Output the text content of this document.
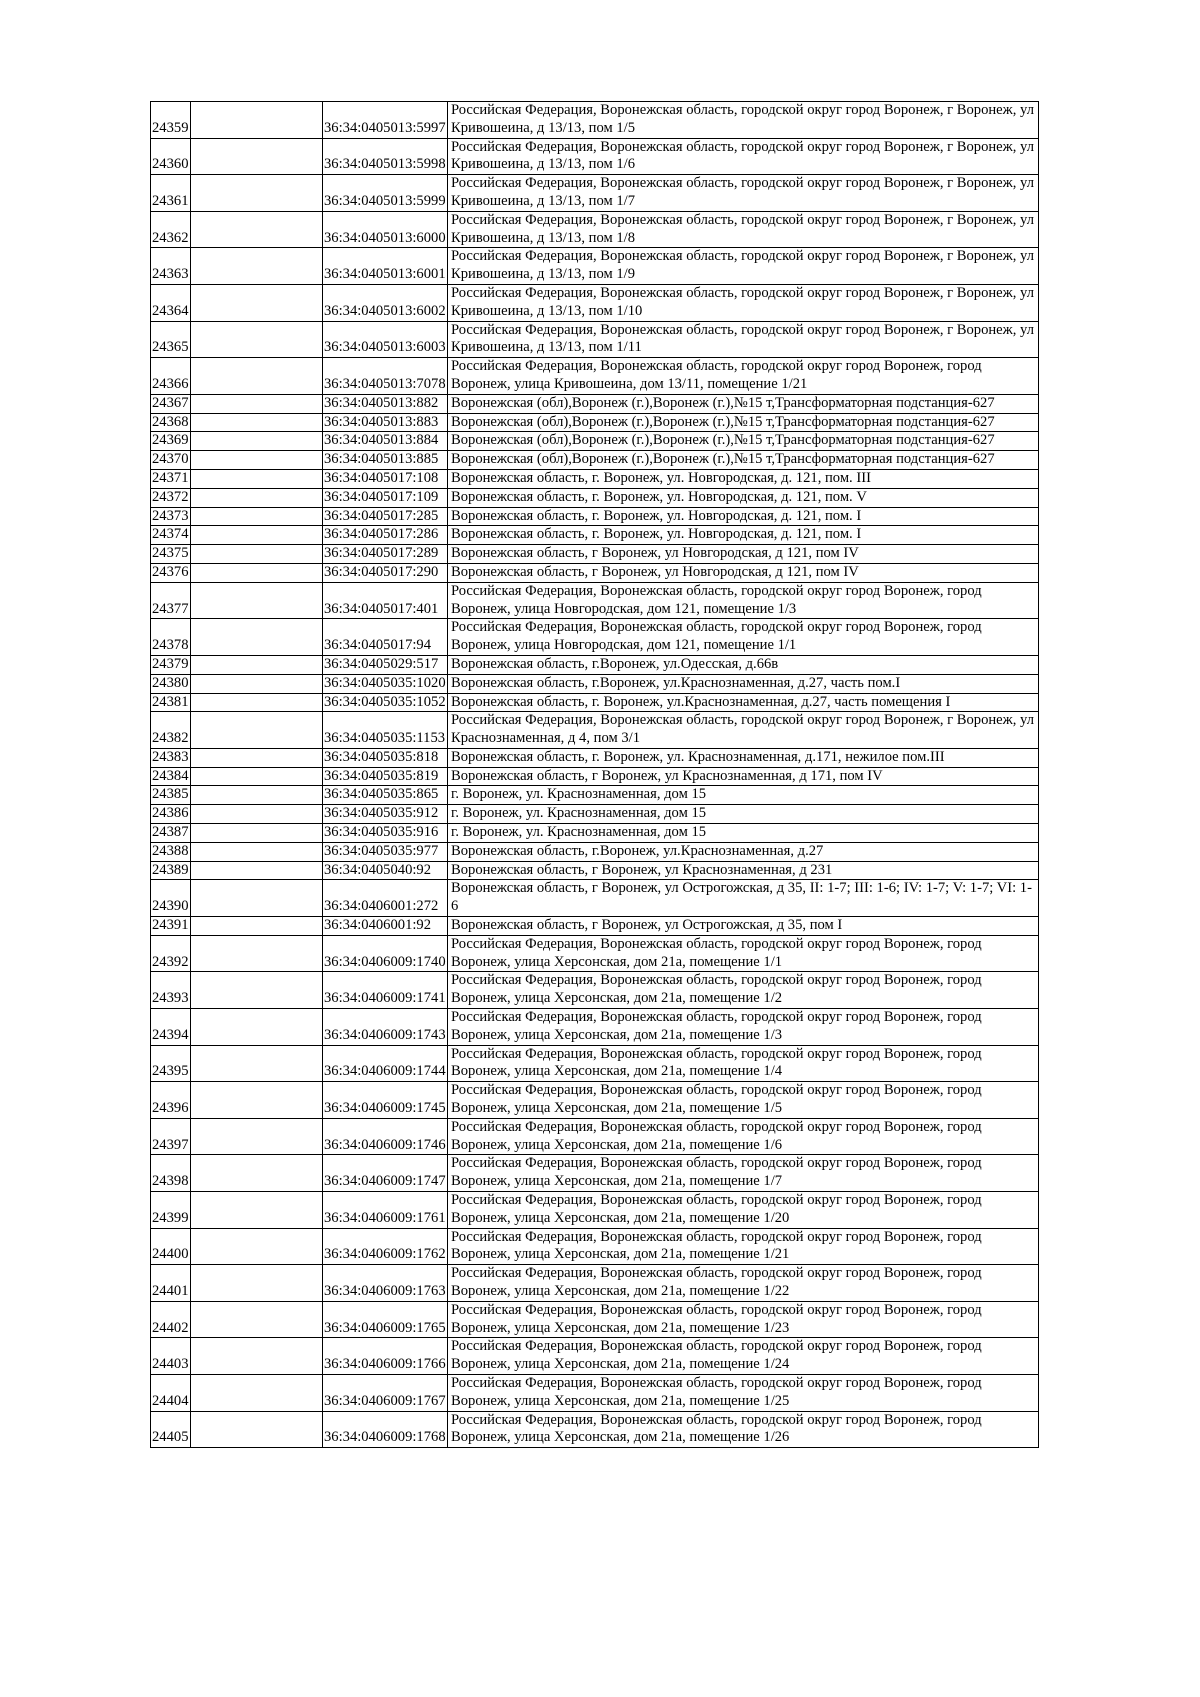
24359		36:34:0405013:5997	Российская Федерация, Воронежская область, городской округ город Воронеж, г Воронеж, ул Кривошеина, д 13/13, пом 1/5
24360		36:34:0405013:5998	Российская Федерация, Воронежская область, городской округ город Воронеж, г Воронеж, ул Кривошеина, д 13/13, пом 1/6
24361		36:34:0405013:5999	Российская Федерация, Воронежская область, городской округ город Воронеж, г Воронеж, ул Кривошеина, д 13/13, пом 1/7
24362		36:34:0405013:6000	Российская Федерация, Воронежская область, городской округ город Воронеж, г Воронеж, ул Кривошеина, д 13/13, пом 1/8
24363		36:34:0405013:6001	Российская Федерация, Воронежская область, городской округ город Воронеж, г Воронеж, ул Кривошеина, д 13/13, пом 1/9
24364		36:34:0405013:6002	Российская Федерация, Воронежская область, городской округ город Воронеж, г Воронеж, ул Кривошеина, д 13/13, пом 1/10
24365		36:34:0405013:6003	Российская Федерация, Воронежская область, городской округ город Воронеж, г Воронеж, ул Кривошеина, д 13/13, пом 1/11
24366		36:34:0405013:7078	Российская Федерация, Воронежская область, городской округ город Воронеж, город Воронеж, улица Кривошеина, дом 13/11, помещение 1/21
24367		36:34:0405013:882	Воронежская (обл),Воронеж (г.),Воронеж (г.),№15 т,Трансформаторная подстанция-627
24368		36:34:0405013:883	Воронежская (обл),Воронеж (г.),Воронеж (г.),№15 т,Трансформаторная подстанция-627
24369		36:34:0405013:884	Воронежская (обл),Воронеж (г.),Воронеж (г.),№15 т,Трансформаторная подстанция-627
24370		36:34:0405013:885	Воронежская (обл),Воронеж (г.),Воронеж (г.),№15 т,Трансформаторная подстанция-627
24371		36:34:0405017:108	Воронежская область, г. Воронеж, ул. Новгородская, д. 121, пом. III
24372		36:34:0405017:109	Воронежская область, г. Воронеж, ул. Новгородская, д. 121, пом. V
24373		36:34:0405017:285	Воронежская область, г. Воронеж, ул. Новгородская, д. 121, пом. I
24374		36:34:0405017:286	Воронежская область, г. Воронеж, ул. Новгородская, д. 121, пом. I
24375		36:34:0405017:289	Воронежская область, г Воронеж, ул Новгородская, д 121, пом IV
24376		36:34:0405017:290	Воронежская область, г Воронеж, ул Новгородская, д 121, пом IV
24377		36:34:0405017:401	Российская Федерация, Воронежская область, городской округ город Воронеж, город Воронеж, улица Новгородская, дом 121, помещение 1/3
24378		36:34:0405017:94	Российская Федерация, Воронежская область, городской округ город Воронеж, город Воронеж, улица Новгородская, дом 121, помещение 1/1
24379		36:34:0405029:517	Воронежская область, г.Воронеж, ул.Одесская, д.66в
24380		36:34:0405035:1020	Воронежская область, г.Воронеж, ул.Краснознаменная, д.27, часть пом.I
24381		36:34:0405035:1052	Воронежская область, г. Воронеж, ул.Краснознаменная, д.27, часть помещения I
24382		36:34:0405035:1153	Российская Федерация, Воронежская область, городской округ город Воронеж, г Воронеж, ул Краснознаменная, д 4, пом 3/1
24383		36:34:0405035:818	Воронежская область, г. Воронеж, ул. Краснознаменная, д.171, нежилое пом.III
24384		36:34:0405035:819	Воронежская область, г Воронеж, ул Краснознаменная, д 171, пом IV
24385		36:34:0405035:865	г. Воронеж, ул. Краснознаменная, дом 15
24386		36:34:0405035:912	г. Воронеж, ул. Краснознаменная, дом 15
24387		36:34:0405035:916	г. Воронеж, ул. Краснознаменная, дом 15
24388		36:34:0405035:977	Воронежская область, г.Воронеж, ул.Краснознаменная, д.27
24389		36:34:0405040:92	Воронежская область, г Воронеж, ул Краснознаменная, д 231
24390		36:34:0406001:272	Воронежская область, г Воронеж, ул Острогожская, д 35, II: 1-7; III: 1-6; IV: 1-7; V: 1-7; VI: 1-6
24391		36:34:0406001:92	Воронежская область, г Воронеж, ул Острогожская, д 35, пом I
24392		36:34:0406009:1740	Российская Федерация, Воронежская область, городской округ город Воронеж, город Воронеж, улица Херсонская, дом 21а, помещение 1/1
24393		36:34:0406009:1741	Российская Федерация, Воронежская область, городской округ город Воронеж, город Воронеж, улица Херсонская, дом 21а, помещение 1/2
24394		36:34:0406009:1743	Российская Федерация, Воронежская область, городской округ город Воронеж, город Воронеж, улица Херсонская, дом 21а, помещение 1/3
24395		36:34:0406009:1744	Российская Федерация, Воронежская область, городской округ город Воронеж, город Воронеж, улица Херсонская, дом 21а, помещение 1/4
24396		36:34:0406009:1745	Российская Федерация, Воронежская область, городской округ город Воронеж, город Воронеж, улица Херсонская, дом 21а, помещение 1/5
24397		36:34:0406009:1746	Российская Федерация, Воронежская область, городской округ город Воронеж, город Воронеж, улица Херсонская, дом 21а, помещение 1/6
24398		36:34:0406009:1747	Российская Федерация, Воронежская область, городской округ город Воронеж, город Воронеж, улица Херсонская, дом 21а, помещение 1/7
24399		36:34:0406009:1761	Российская Федерация, Воронежская область, городской округ город Воронеж, город Воронеж, улица Херсонская, дом 21а, помещение 1/20
24400		36:34:0406009:1762	Российская Федерация, Воронежская область, городской округ город Воронеж, город Воронеж, улица Херсонская, дом 21а, помещение 1/21
24401		36:34:0406009:1763	Российская Федерация, Воронежская область, городской округ город Воронеж, город Воронеж, улица Херсонская, дом 21а, помещение 1/22
24402		36:34:0406009:1765	Российская Федерация, Воронежская область, городской округ город Воронеж, город Воронеж, улица Херсонская, дом 21а, помещение 1/23
24403		36:34:0406009:1766	Российская Федерация, Воронежская область, городской округ город Воронеж, город Воронеж, улица Херсонская, дом 21а, помещение 1/24
24404		36:34:0406009:1767	Российская Федерация, Воронежская область, городской округ город Воронеж, город Воронеж, улица Херсонская, дом 21а, помещение 1/25
24405		36:34:0406009:1768	Российская Федерация, Воронежская область, городской округ город Воронеж, город Воронеж, улица Херсонская, дом 21а, помещение 1/26
